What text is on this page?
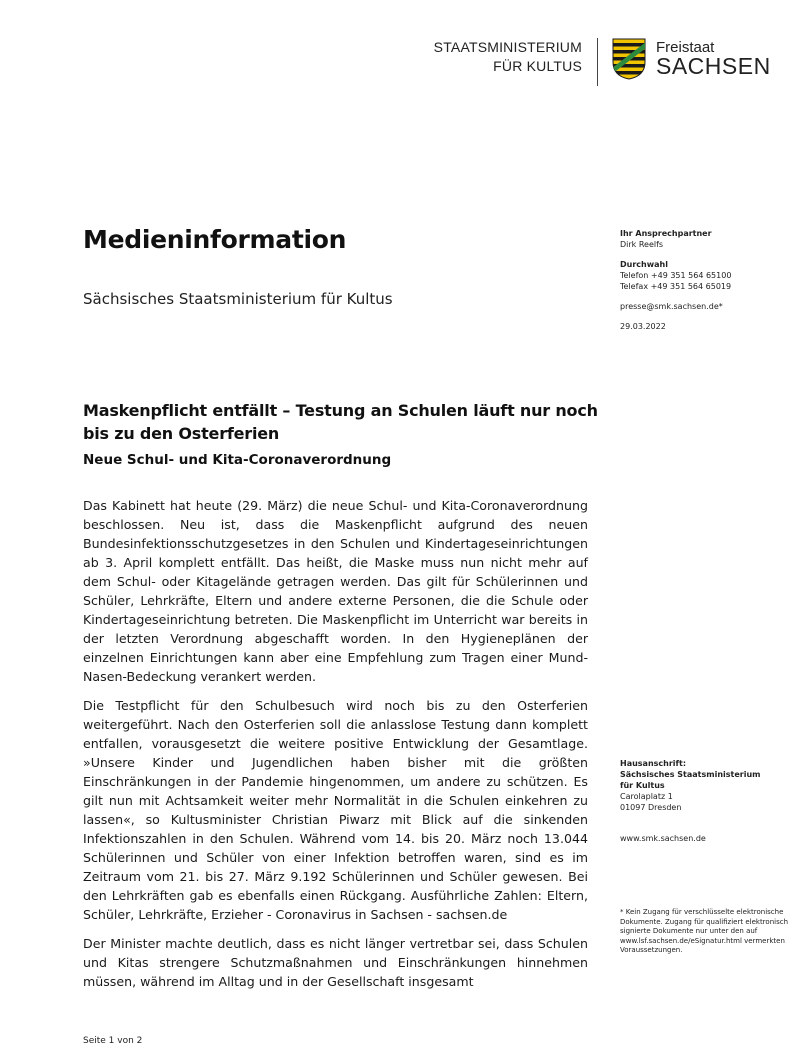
STAATSMINISTERIUM
FÜR KULTUS
Freistaat
SACHSEN
Medieninformation
Sächsisches Staatsministerium für Kultus
Ihr Ansprechpartner
Dirk Reelfs
Durchwahl
Telefon +49 351 564 65100
Telefax +49 351 564 65019
presse@smk.sachsen.de*
29.03.2022
Maskenpflicht entfällt – Testung an Schulen läuft nur noch bis zu den Osterferien
Neue Schul- und Kita-Coronaverordnung

Das Kabinett hat heute (29. März) die neue Schul- und Kita-Coronaverordnung beschlossen. Neu ist, dass die Maskenpflicht aufgrund des neuen Bundesinfektionsschutzgesetzes in den Schulen und Kindertageseinrichtungen ab 3. April komplett entfällt. Das heißt, die Maske muss nun nicht mehr auf dem Schul- oder Kitagelände getragen werden. Das gilt für Schülerinnen und Schüler, Lehrkräfte, Eltern und andere externe Personen, die die Schule oder Kindertageseinrichtung betreten. Die Maskenpflicht im Unterricht war bereits in der letzten Verordnung abgeschafft worden. In den Hygieneplänen der einzelnen Einrichtungen kann aber eine Empfehlung zum Tragen einer Mund-Nasen-Bedeckung verankert werden.

Die Testpflicht für den Schulbesuch wird noch bis zu den Osterferien weitergeführt. Nach den Osterferien soll die anlasslose Testung dann komplett entfallen, vorausgesetzt die weitere positive Entwicklung der Gesamtlage. »Unsere Kinder und Jugendlichen haben bisher mit die größten Einschränkungen in der Pandemie hingenommen, um andere zu schützen. Es gilt nun mit Achtsamkeit weiter mehr Normalität in die Schulen einkehren zu lassen«, so Kultusminister Christian Piwarz mit Blick auf die sinkenden Infektionszahlen in den Schulen. Während vom 14. bis 20. März noch 13.044 Schülerinnen und Schüler von einer Infektion betroffen waren, sind es im Zeitraum vom 21. bis 27. März 9.192 Schülerinnen und Schüler gewesen. Bei den Lehrkräften gab es ebenfalls einen Rückgang. Ausführliche Zahlen: Eltern, Schüler, Lehrkräfte, Erzieher - Coronavirus in Sachsen - sachsen.de

Der Minister machte deutlich, dass es nicht länger vertretbar sei, dass Schulen und Kitas strengere Schutzmaßnahmen und Einschränkungen hinnehmen müssen, während im Alltag und in der Gesellschaft insgesamt

Hausanschrift:
Sächsisches Staatsministerium
für Kultus
Carolaplatz 1
01097 Dresden
www.smk.sachsen.de
* Kein Zugang für verschlüsselte elektronische Dokumente. Zugang für qualifiziert elektronisch signierte Dokumente nur unter den auf www.lsf.sachsen.de/eSignatur.html vermerkten Voraussetzungen.
Seite 1 von 2
